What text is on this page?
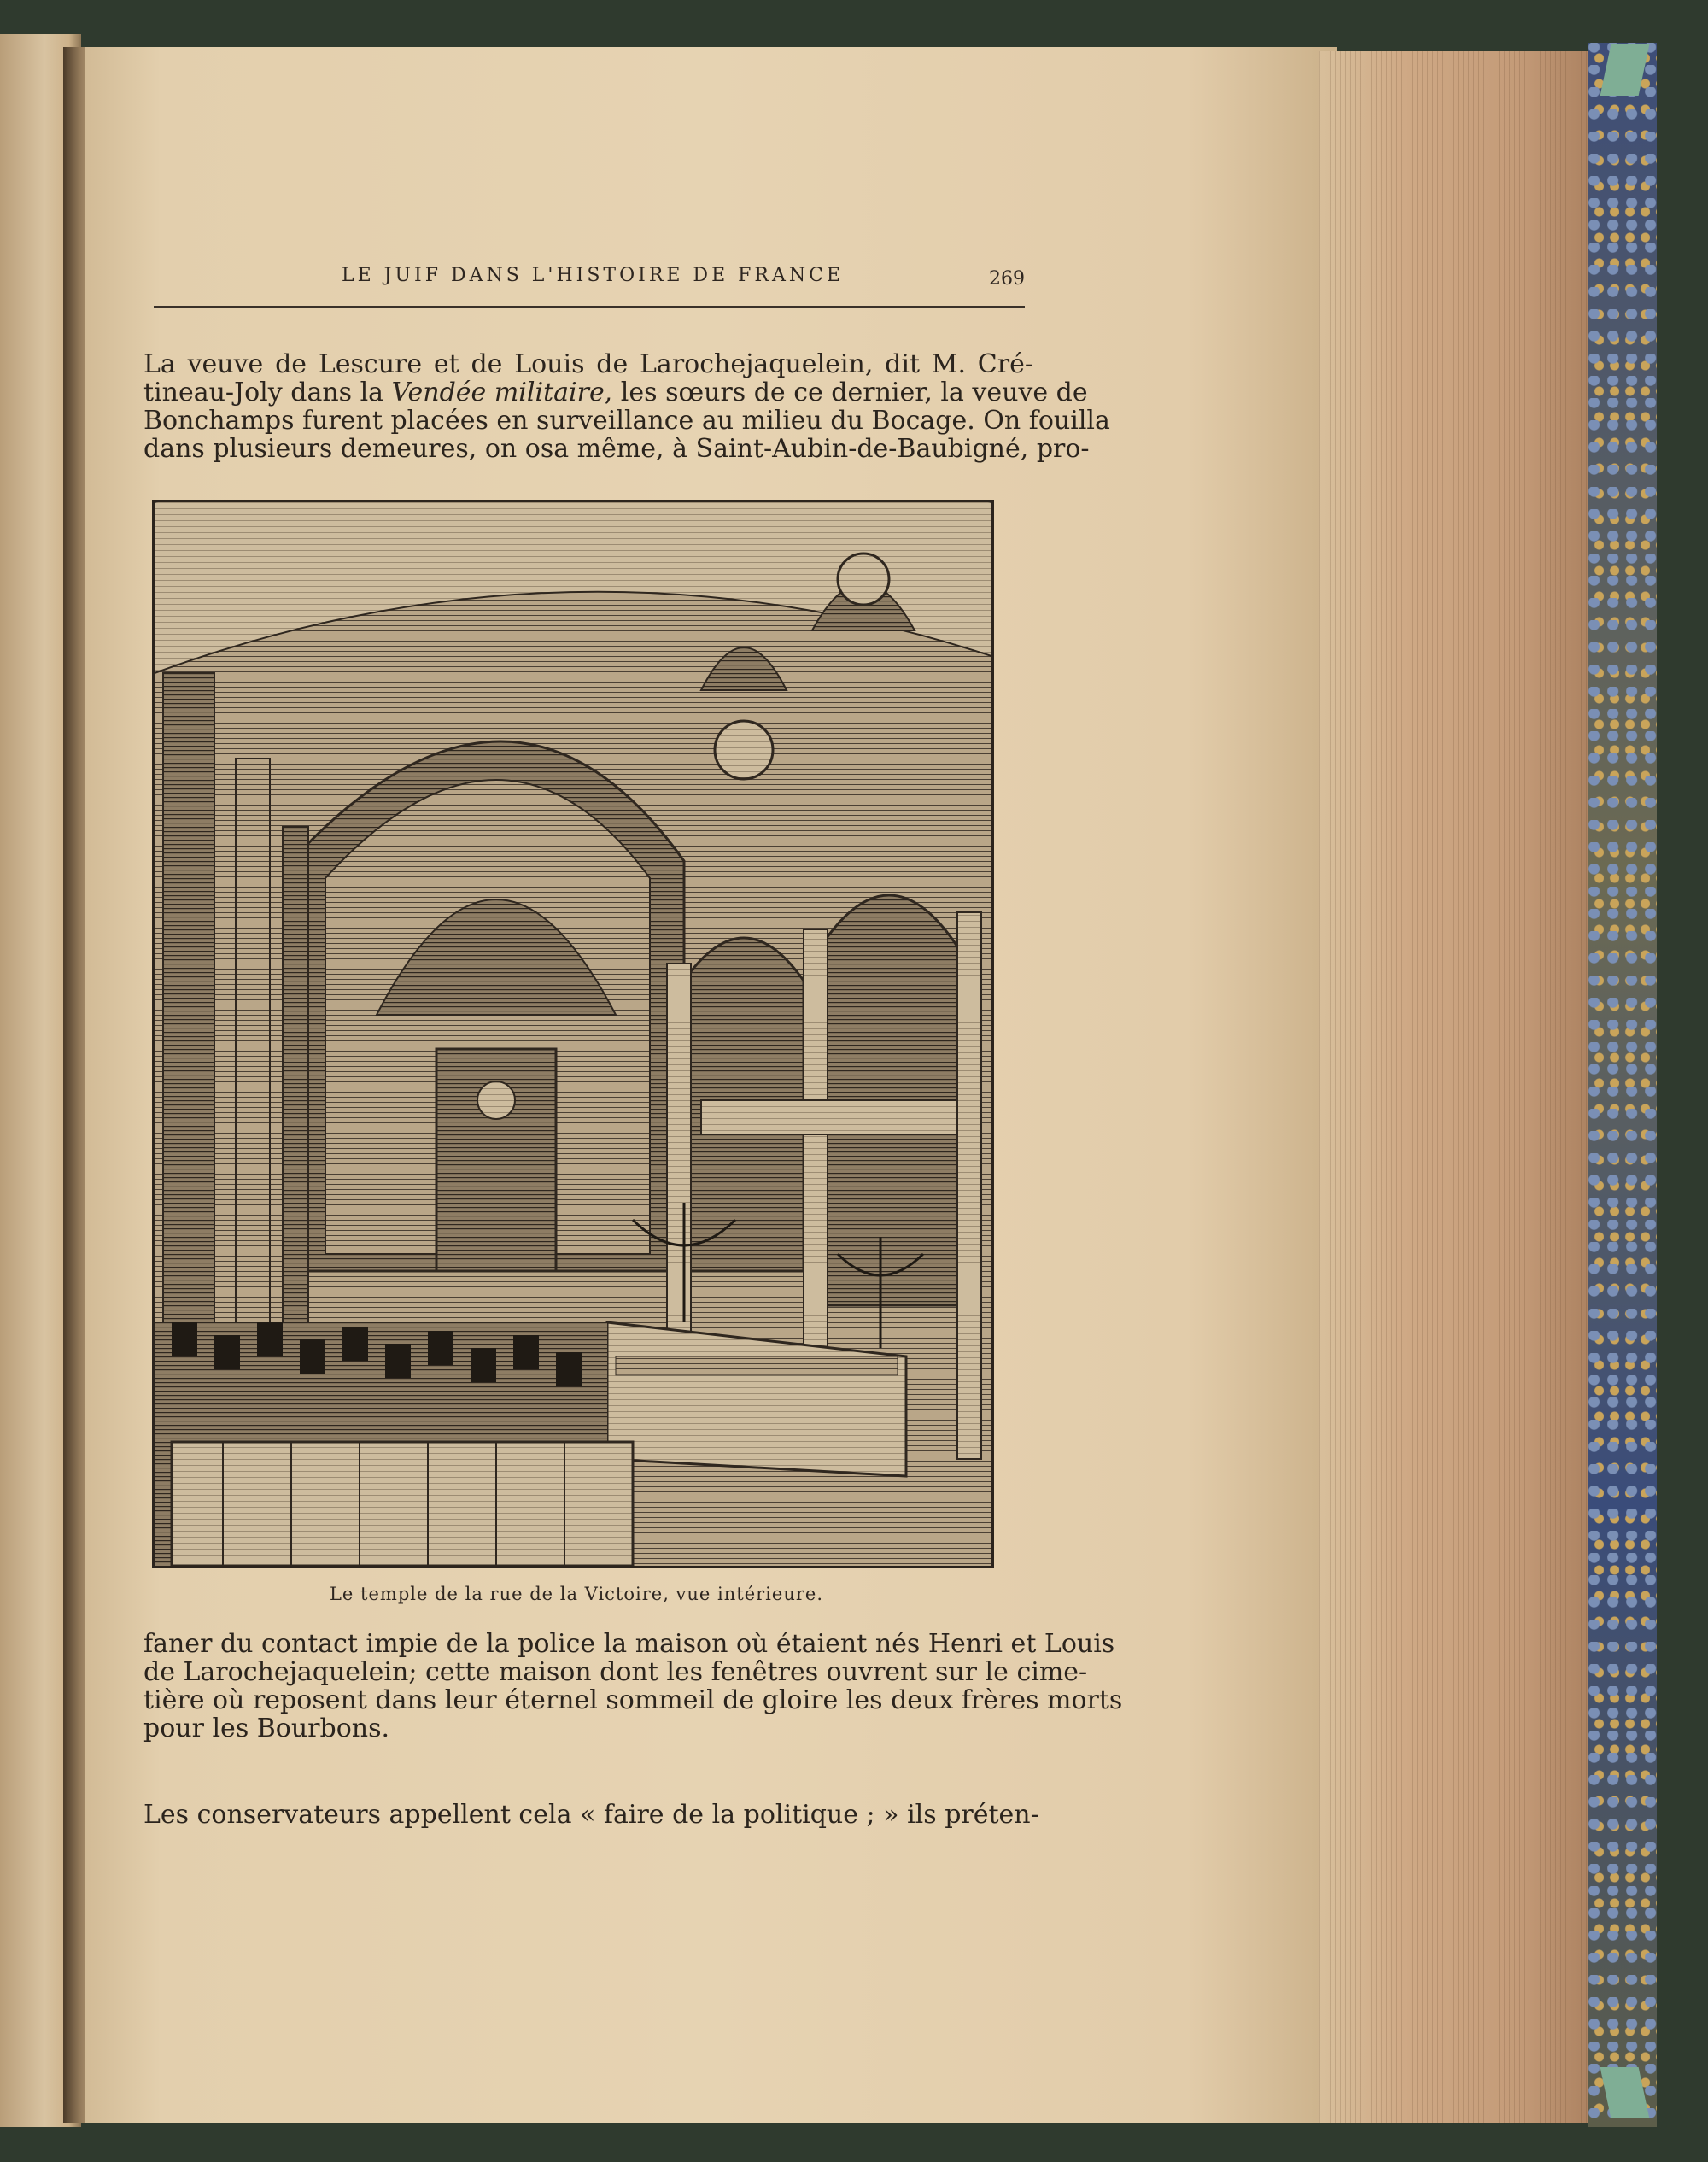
LE JUIF DANS L'HISTOIRE DE FRANCE	269

La veuve de Lescure et de Louis de Larochejaquelein, dit M. Cré-
tineau-Joly dans la Vendée militaire, les sœurs de ce dernier, la veuve de
Bonchamps furent placées en surveillance au milieu du Bocage. On fouilla
dans plusieurs demeures, on osa même, à Saint-Aubin-de-Baubigné, pro-

Le temple de la rue de la Victoire, vue intérieure.

faner du contact impie de la police la maison où étaient nés Henri et Louis
de Larochejaquelein; cette maison dont les fenêtres ouvrent sur le cime-
tière où reposent dans leur éternel sommeil de gloire les deux frères morts
pour les Bourbons.

Les conservateurs appellent cela « faire de la politique ; » ils préten-
